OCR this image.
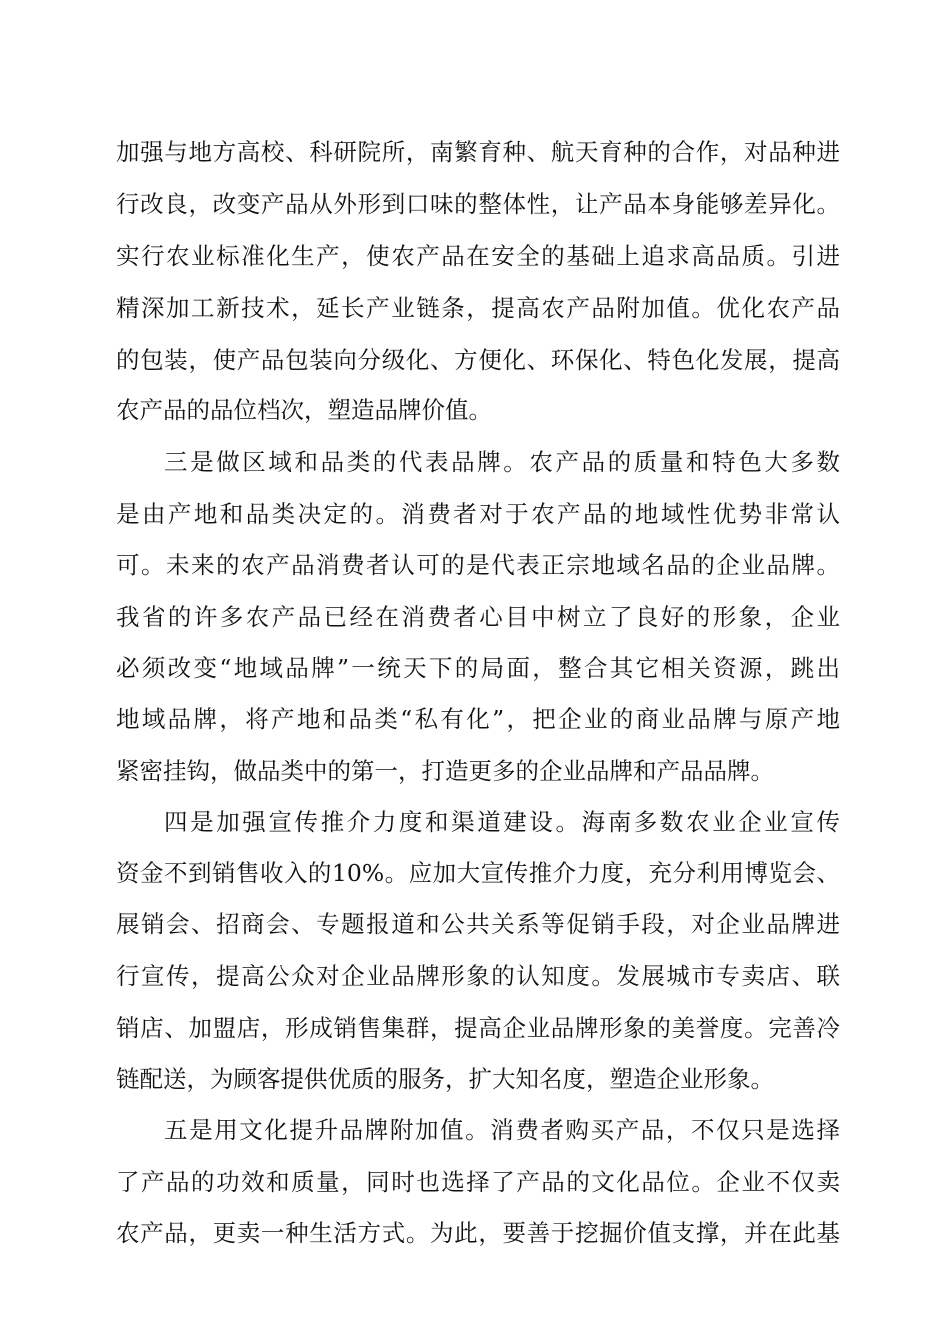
加强与地方高校、科研院所，南繁育种、航天育种的合作，对品种进
行改良，改变产品从外形到口味的整体性，让产品本身能够差异化。
实行农业标准化生产，使农产品在安全的基础上追求高品质。引进
精深加工新技术，延长产业链条，提高农产品附加值。优化农产品
的包装，使产品包装向分级化、方便化、环保化、特色化发展，提高
农产品的品位档次，塑造品牌价值。
三是做区域和品类的代表品牌。农产品的质量和特色大多数
是由产地和品类决定的。消费者对于农产品的地域性优势非常认
可。未来的农产品消费者认可的是代表正宗地域名品的企业品牌。
我省的许多农产品已经在消费者心目中树立了良好的形象，企业
必须改变“地域品牌”一统天下的局面，整合其它相关资源，跳出
地域品牌，将产地和品类“私有化”，把企业的商业品牌与原产地
紧密挂钩，做品类中的第一，打造更多的企业品牌和产品品牌。
四是加强宣传推介力度和渠道建设。海南多数农业企业宣传
资金不到销售收入的10%。应加大宣传推介力度，充分利用博览会、
展销会、招商会、专题报道和公共关系等促销手段，对企业品牌进
行宣传，提高公众对企业品牌形象的认知度。发展城市专卖店、联
销店、加盟店，形成销售集群，提高企业品牌形象的美誉度。完善冷
链配送，为顾客提供优质的服务，扩大知名度，塑造企业形象。
五是用文化提升品牌附加值。消费者购买产品，不仅只是选择
了产品的功效和质量，同时也选择了产品的文化品位。企业不仅卖
农产品，更卖一种生活方式。为此，要善于挖掘价值支撑，并在此基
